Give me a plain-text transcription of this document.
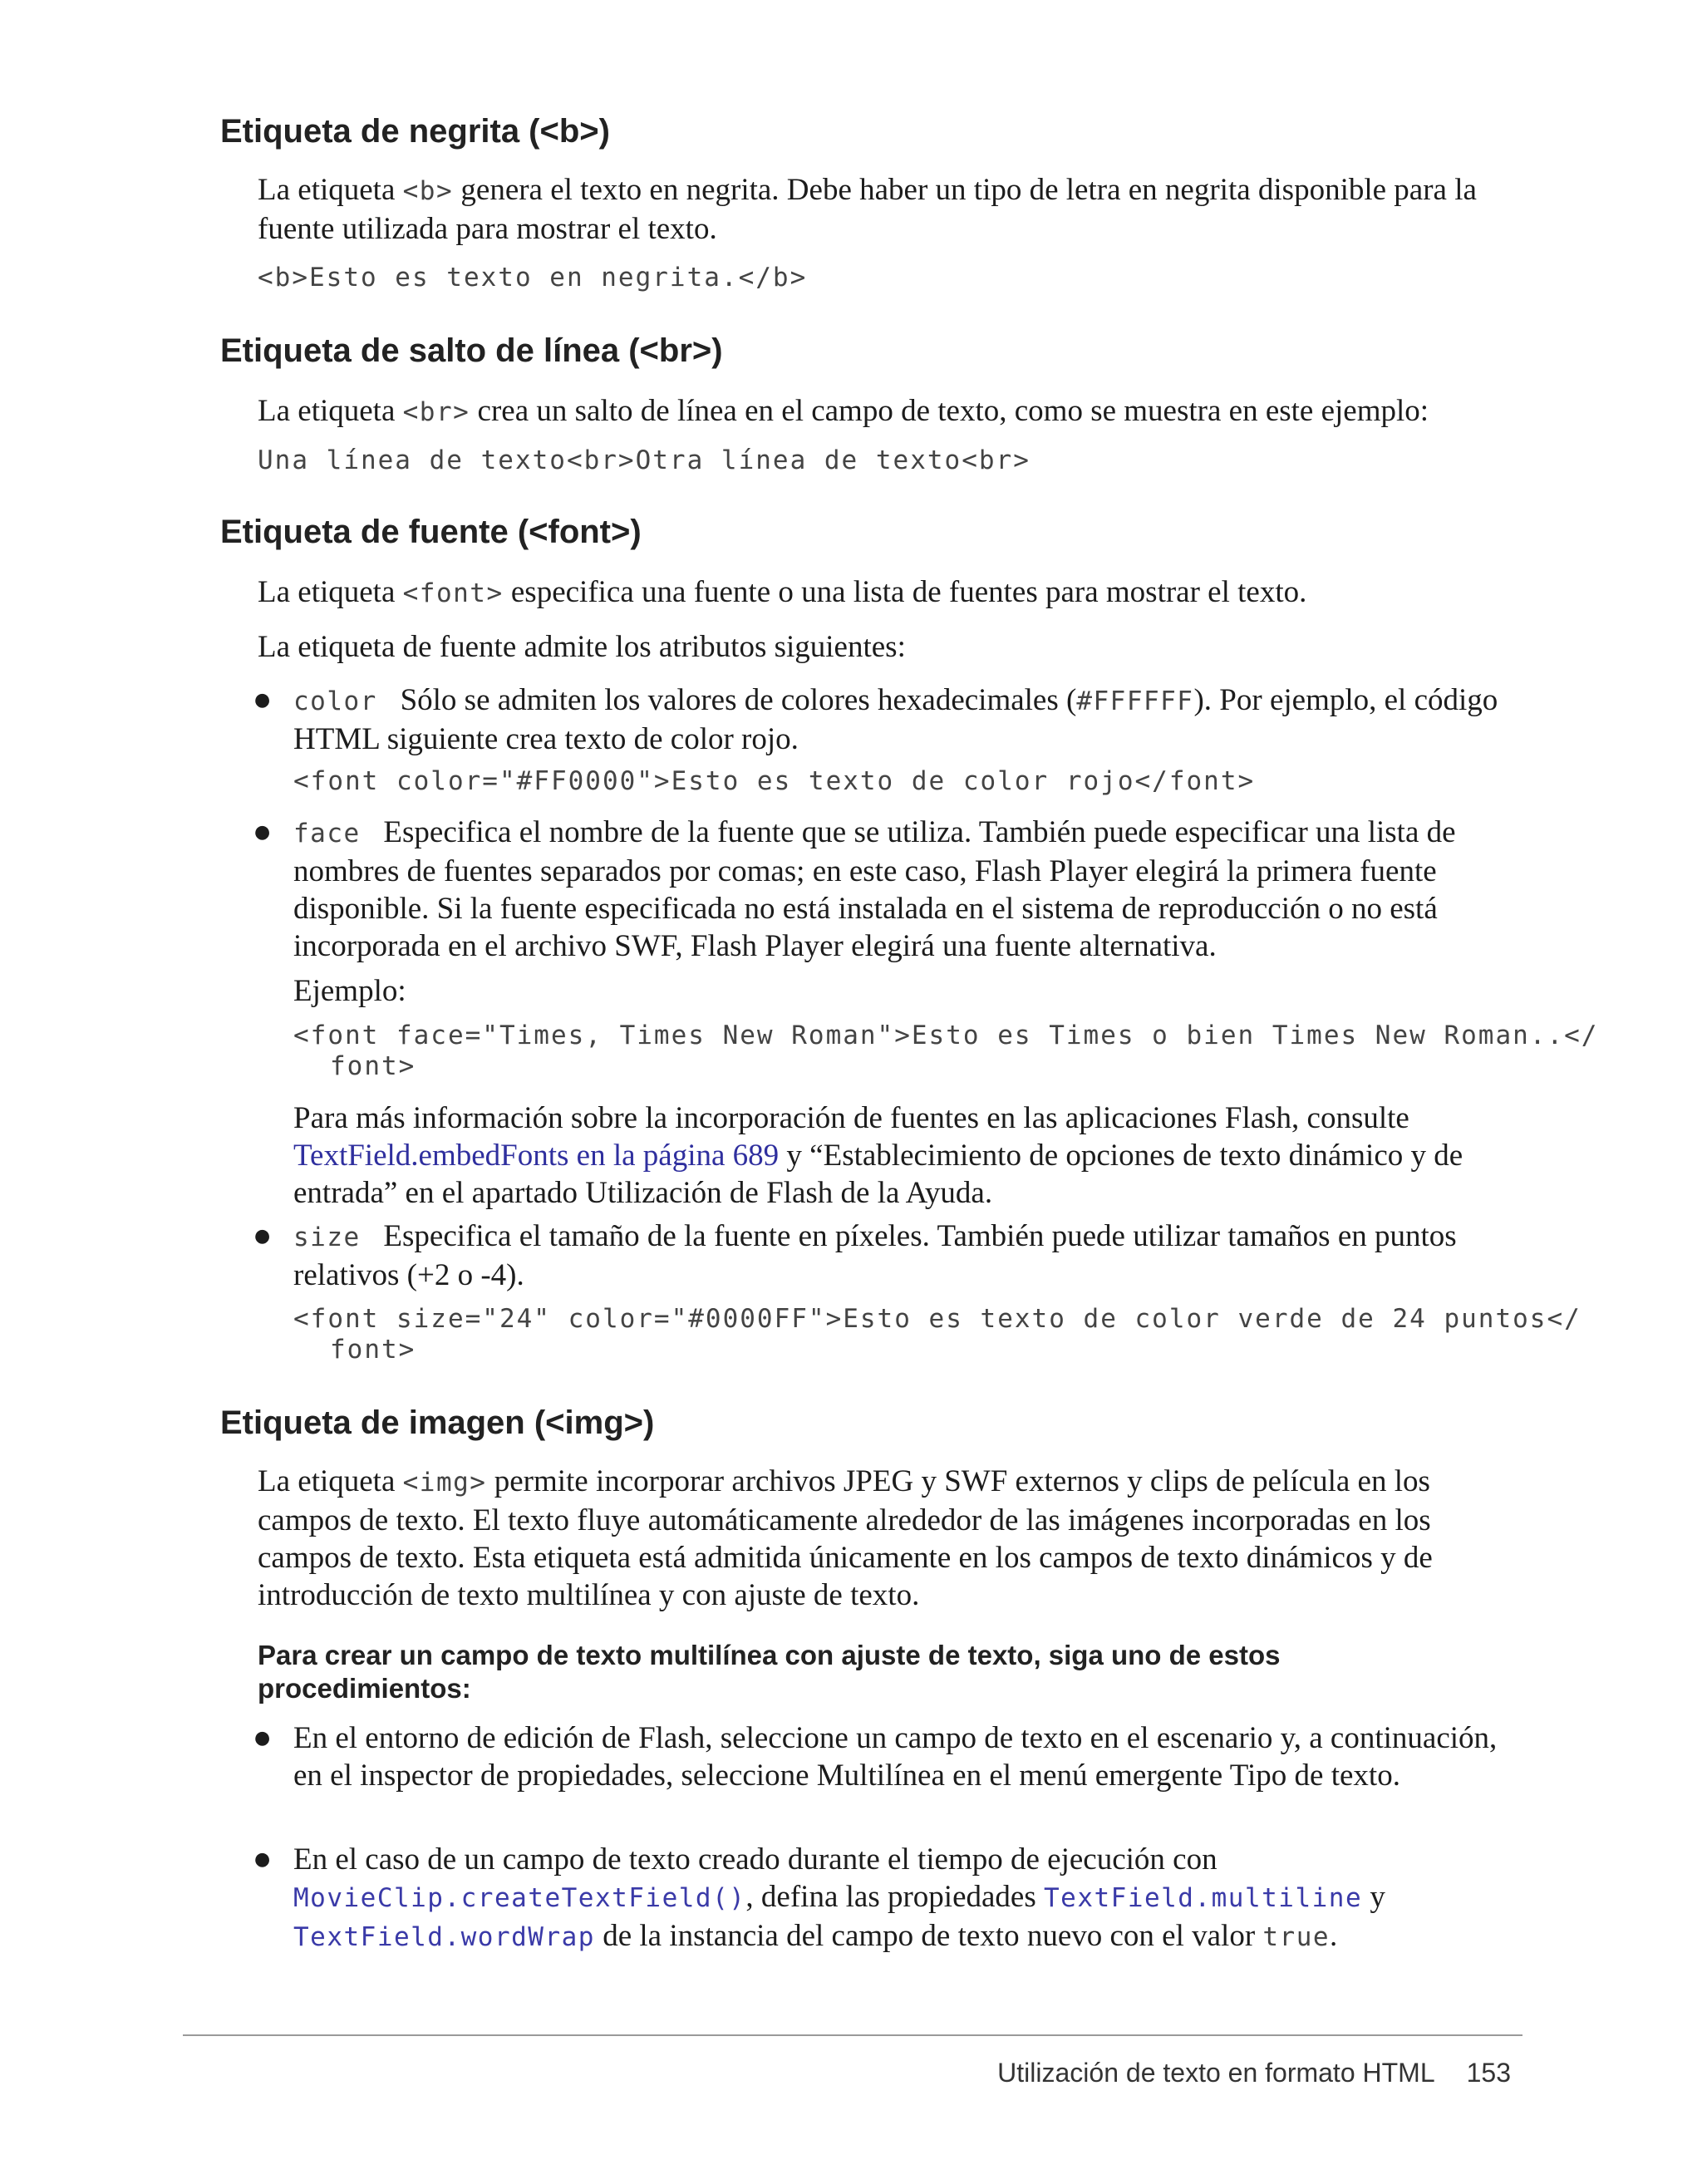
Etiqueta de negrita (<b>)

La etiqueta <b> genera el texto en negrita. Debe haber un tipo de letra en negrita disponible para la fuente utilizada para mostrar el texto.

<b>Esto es texto en negrita.</b>
Etiqueta de salto de línea (<br>)

La etiqueta <br> crea un salto de línea en el campo de texto, como se muestra en este ejemplo:

Una línea de texto<br>Otra línea de texto<br>
Etiqueta de fuente (<font>)

La etiqueta <font> especifica una fuente o una lista de fuentes para mostrar el texto.

La etiqueta de fuente admite los atributos siguientes:

●

color Sólo se admiten los valores de colores hexadecimales (#FFFFFF). Por ejemplo, el código HTML siguiente crea texto de color rojo.

<font color="#FF0000">Esto es texto de color rojo</font>
●

face Especifica el nombre de la fuente que se utiliza. También puede especificar una lista de nombres de fuentes separados por comas; en este caso, Flash Player elegirá la primera fuente disponible. Si la fuente especificada no está instalada en el sistema de reproducción o no está incorporada en el archivo SWF, Flash Player elegirá una fuente alternativa.

Ejemplo:

<font face="Times, Times New Roman">Esto es Times o bien Times New Roman..</
font>

Para más información sobre la incorporación de fuentes en las aplicaciones Flash, consulte TextField.embedFonts en la página 689 y “Establecimiento de opciones de texto dinámico y de entrada” en el apartado Utilización de Flash de la Ayuda.

●

size Especifica el tamaño de la fuente en píxeles. También puede utilizar tamaños en puntos relativos (+2 o -4).

<font size="24" color="#0000FF">Esto es texto de color verde de 24 puntos</
font>
Etiqueta de imagen (<img>)

La etiqueta <img> permite incorporar archivos JPEG y SWF externos y clips de película en los campos de texto. El texto fluye automáticamente alrededor de las imágenes incorporadas en los campos de texto. Esta etiqueta está admitida únicamente en los campos de texto dinámicos y de introducción de texto multilínea y con ajuste de texto.

Para crear un campo de texto multilínea con ajuste de texto, siga uno de estos procedimientos:
●

En el entorno de edición de Flash, seleccione un campo de texto en el escenario y, a continuación, en el inspector de propiedades, seleccione Multilínea en el menú emergente Tipo de texto.

●

En el caso de un campo de texto creado durante el tiempo de ejecución con MovieClip.createTextField(), defina las propiedades TextField.multiline y TextField.wordWrap de la instancia del campo de texto nuevo con el valor true.

Utilización de texto en formato HTML 153
